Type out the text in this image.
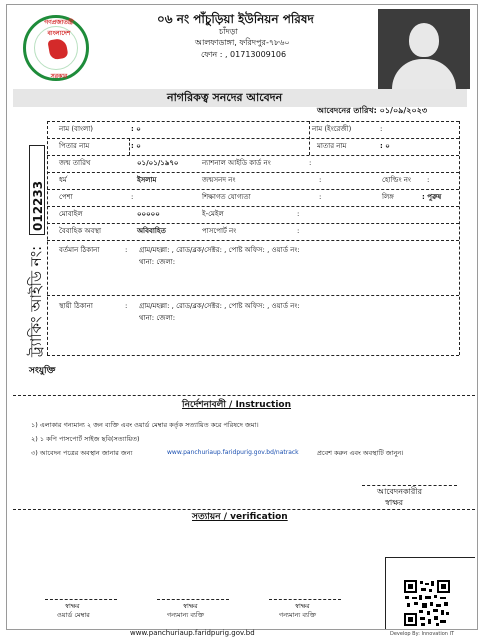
গণপ্রজাতন্ত্রী বাংলাদেশ
সরকার
০৬ নং পাঁচুড়িয়া ইউনিয়ন পরিষদ
চাঁদড়া
আলফাডাঙ্গা, ফরিদপুর-৭৮৬০
ফোন : , 01713009106
নাগরিকত্ব সনদের আবেদন
আবেদনের তারিখ: ০১/০৯/২০২৩
নাম (বাংলা)	: ০	নাম (ইংরেজী)	:
পিতার নাম	: ০	মাতার নাম	: ০
জন্ম তারিখ	০১/০১/১৯৭০	ন্যাশনাল আইডি কার্ড নং	:
ধর্ম	ইসলাম	জন্মসনদ নং	:	হোল্ডিং নং :
পেশা	:	শিক্ষাগত যোগ্যতা	:	লিঙ্গ	: পুরুষ
মোবাইল	০০০০০	ই-মেইল	:
বৈবাহিক অবস্থা	অবিবাহিত	পাসপোর্ট নং	:
বর্তমান ঠিকানা	: গ্রাম/মহল্লা: , রোড/ব্লক/সেক্টর: , পোষ্ট অফিস: , ওয়ার্ড নং:
থানা: জেলা:
স্থায়ী ঠিকানা	: গ্রাম/মহল্লা: , রোড/ব্লক/সেক্টর: , পোষ্ট অফিস: , ওয়ার্ড নং:
থানা: জেলা:
012233
ট্র্যাকিং আইডি নং:
সংযুক্তি
নির্দেশনাবলী / Instruction
১) এলাকার গন্যমান্য ২ জন ব্যক্তি এবং ওয়ার্ড মেম্বার কর্তৃক সত্যায়িত করে পরিষদে জমা।
২) ১ কপি পাসপোর্ট সাইজ ছবি(সত্যায়িত)
৩) আবেদন পত্রের অবস্থান জানার জন্য	www.panchuriaup.faridpurig.gov.bd/natrack	প্রবেশ করুন এবং অবস্থাটি জানুন।
আবেদনকারীর
স্বাক্ষর
সত্যায়ন / verification
স্বাক্ষর
ওয়ার্ড মেম্বার
স্বাক্ষর
গন্যমান্য ব্যক্তি
স্বাক্ষর
গন্যমান্য ব্যক্তি
www.panchuriaup.faridpurig.gov.bd	Develop By: Innovation IT
